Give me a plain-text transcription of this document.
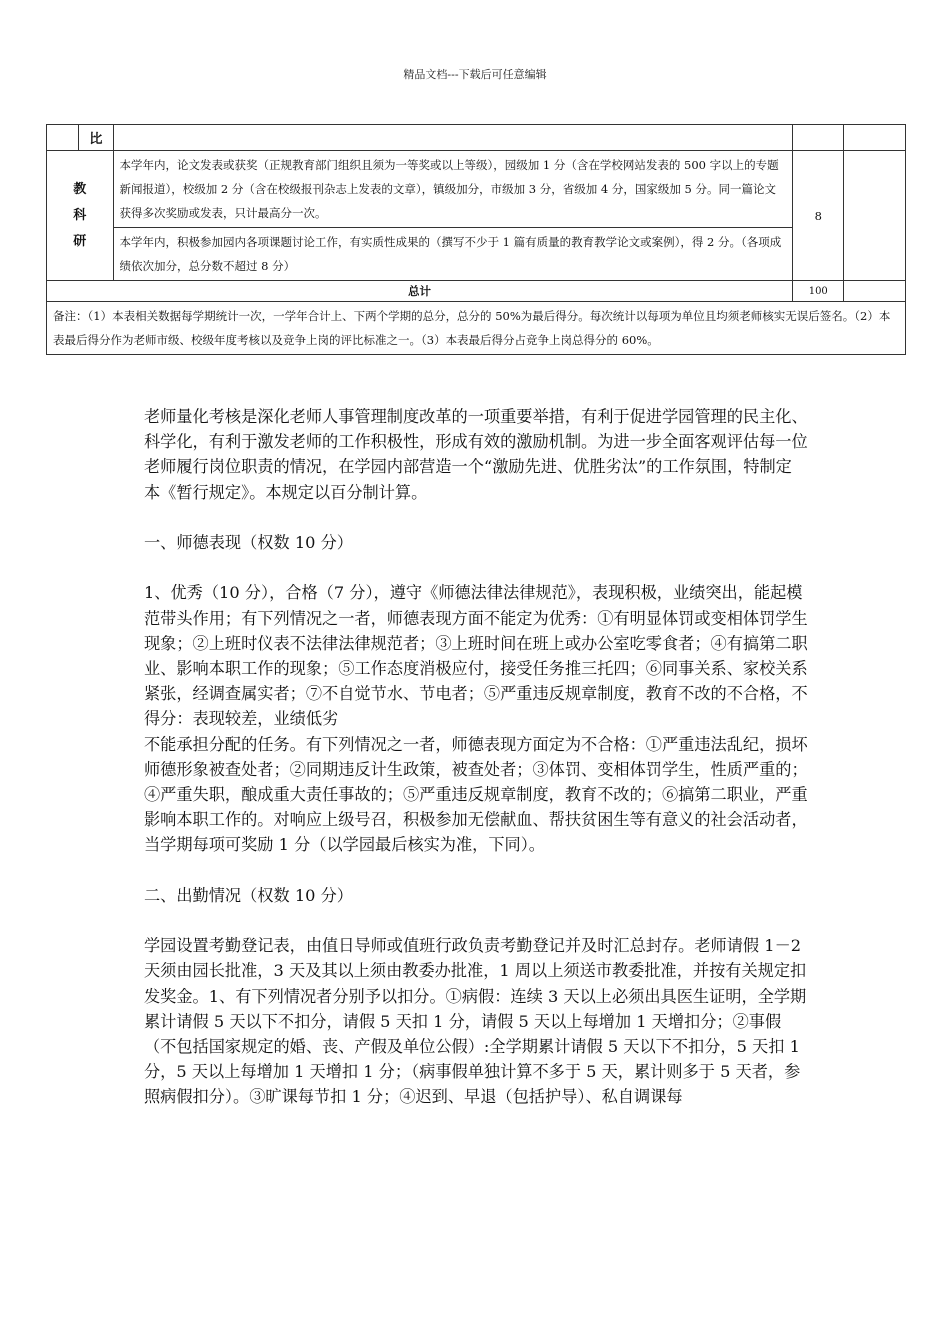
精品文档---下载后可任意编辑
	比			

教
科
研		本学年内，论文发表或获奖（正规教育部门组织且须为一等奖或以上等级），园级加 1 分（含在学校网站发表的 500 字以上的专题新闻报道），校级加 2 分（含在校级报刊杂志上发表的文章），镇级加分，市级加 3 分，省级加 4 分，国家级加 5 分。同一篇论文获得多次奖励或发表，只计最高分一次。	8	

		本学年内，积极参加园内各项课题讨论工作，有实质性成果的（撰写不少于 1 篇有质量的教育教学论文或案例），得 2 分。（各项成绩依次加分，总分数不超过 8 分）		

总计			100	

备注：（1）本表相关数据每学期统计一次，一学年合计上、下两个学期的总分，总分的 50%为最后得分。每次统计以每项为单位且均须老师核实无误后签名。（2）本表最后得分作为老师市级、校级年度考核以及竞争上岗的评比标准之一。（3）本表最后得分占竞争上岗总得分的 60%。				

老师量化考核是深化老师人事管理制度改革的一项重要举措，有利于促进学园管理的民主化、科学化，有利于激发老师的工作积极性，形成有效的激励机制。为进一步全面客观评估每一位老师履行岗位职责的情况，在学园内部营造一个“激励先进、优胜劣汰”的工作氛围，特制定本《暂行规定》。本规定以百分制计算。

一、师德表现（权数 10 分）

1、优秀（10 分），合格（7 分），遵守《师德法律法律规范》，表现积极，业绩突出，能起模范带头作用；有下列情况之一者，师德表现方面不能定为优秀：①有明显体罚或变相体罚学生现象；②上班时仪表不法律法律规范者；③上班时间在班上或办公室吃零食者；④有搞第二职业、影响本职工作的现象；⑤工作态度消极应付，接受任务推三托四；⑥同事关系、家校关系紧张，经调查属实者；⑦不自觉节水、节电者；⑤严重违反规章制度，教育不改的不合格，不得分：表现较差，业绩低劣

不能承担分配的任务。有下列情况之一者，师德表现方面定为不合格：①严重违法乱纪，损坏师德形象被查处者；②同期违反计生政策，被查处者；③体罚、变相体罚学生，性质严重的；④严重失职，酿成重大责任事故的；⑤严重违反规章制度，教育不改的；⑥搞第二职业，严重影响本职工作的。对响应上级号召，积极参加无偿献血、帮扶贫困生等有意义的社会活动者，当学期每项可奖励 1 分（以学园最后核实为准，下同）。

二、出勤情况（权数 10 分）

学园设置考勤登记表，由值日导师或值班行政负责考勤登记并及时汇总封存。老师请假 1－2 天须由园长批准，3 天及其以上须由教委办批准，1 周以上须送市教委批准，并按有关规定扣发奖金。1、有下列情况者分别予以扣分。①病假：连续 3 天以上必须出具医生证明，全学期累计请假 5 天以下不扣分，请假 5 天扣 1 分，请假 5 天以上每增加 1 天增扣分；②事假（不包括国家规定的婚、丧、产假及单位公假）:全学期累计请假 5 天以下不扣分，5 天扣 1 分，5 天以上每增加 1 天增扣 1 分；（病事假单独计算不多于 5 天，累计则多于 5 天者，参照病假扣分）。③旷课每节扣 1 分；④迟到、早退（包括护导）、私自调课每
